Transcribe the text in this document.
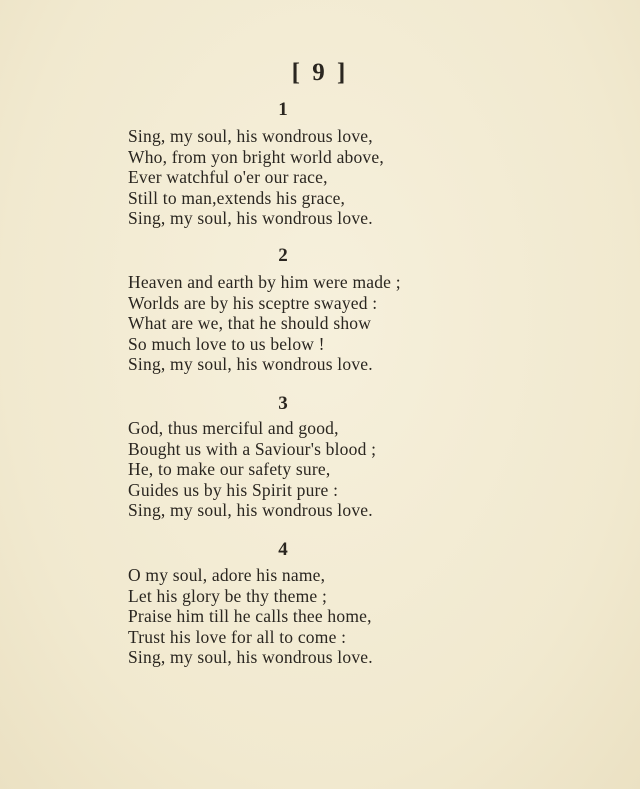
[ 9 ]
1
Sing, my soul, his wondrous love,
Who, from yon bright world above,
Ever watchful o'er our race,
Still to man,extends his grace,
Sing, my soul, his wondrous love.
2
Heaven and earth by him were made ;
Worlds are by his sceptre swayed :
What are we, that he should show
So much love to us below !
Sing, my soul, his wondrous love.
3
God, thus merciful and good,
Bought us with a Saviour's blood ;
He, to make our safety sure,
Guides us by his Spirit pure :
Sing, my soul, his wondrous love.
4
O my soul, adore his name,
Let his glory be thy theme ;
Praise him till he calls thee home,
Trust his love for all to come :
Sing, my soul, his wondrous love.
